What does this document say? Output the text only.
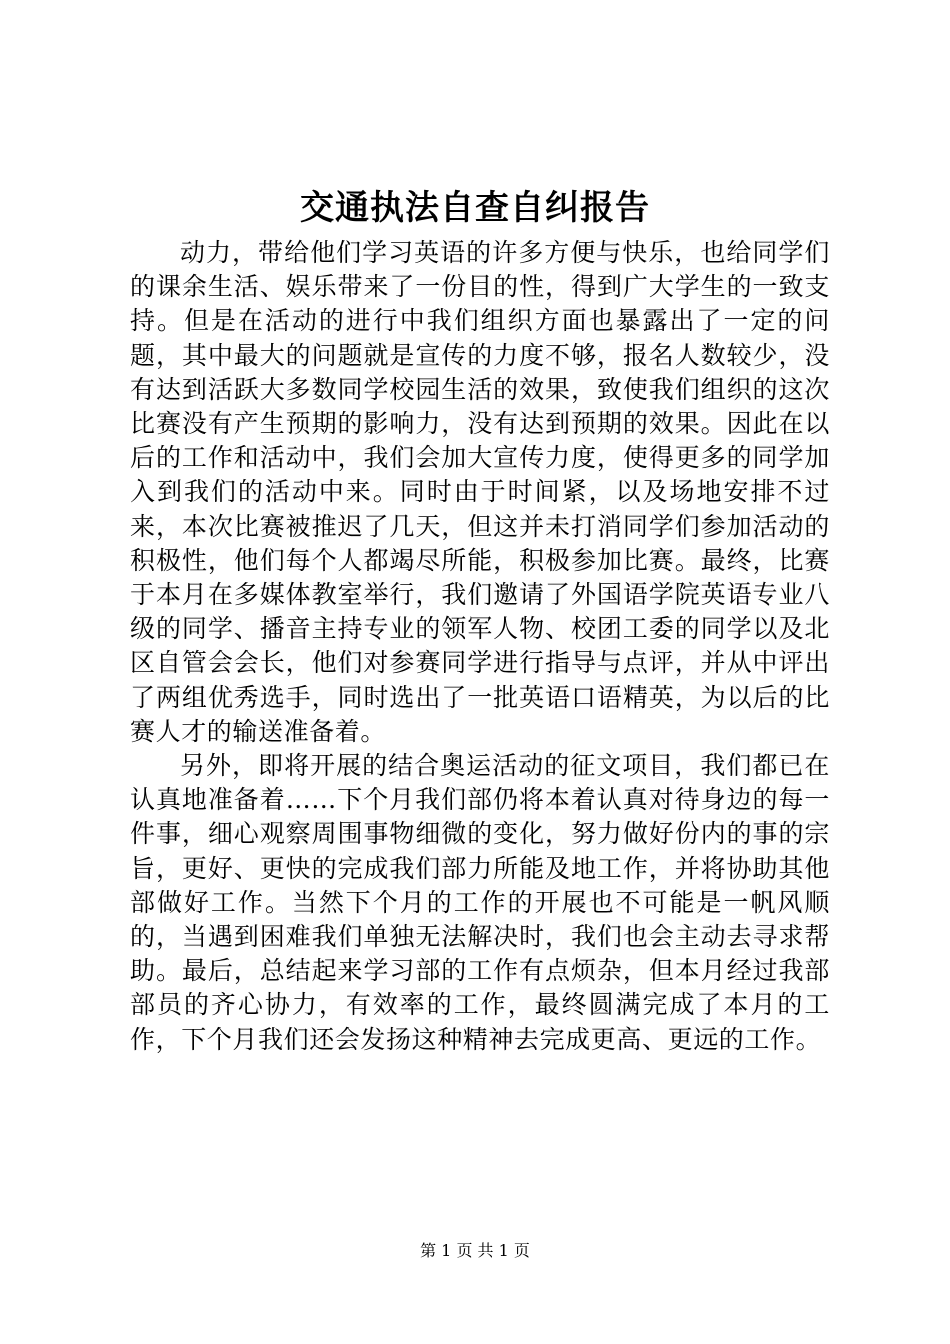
交通执法自查自纠报告

动力，带给他们学习英语的许多方便与快乐，也给同学们的课余生活、娱乐带来了一份目的性，得到广大学生的一致支持。但是在活动的进行中我们组织方面也暴露出了一定的问题，其中最大的问题就是宣传的力度不够，报名人数较少，没有达到活跃大多数同学校园生活的效果，致使我们组织的这次比赛没有产生预期的影响力，没有达到预期的效果。因此在以后的工作和活动中，我们会加大宣传力度，使得更多的同学加入到我们的活动中来。同时由于时间紧，以及场地安排不过来，本次比赛被推迟了几天，但这并未打消同学们参加活动的积极性，他们每个人都竭尽所能，积极参加比赛。最终，比赛于本月在多媒体教室举行，我们邀请了外国语学院英语专业八级的同学、播音主持专业的领军人物、校团工委的同学以及北区自管会会长，他们对参赛同学进行指导与点评，并从中评出了两组优秀选手，同时选出了一批英语口语精英，为以后的比赛人才的输送准备着。

另外，即将开展的结合奥运活动的征文项目，我们都已在认真地准备着……下个月我们部仍将本着认真对待身边的每一件事，细心观察周围事物细微的变化，努力做好份内的事的宗旨，更好、更快的完成我们部力所能及地工作，并将协助其他部做好工作。当然下个月的工作的开展也不可能是一帆风顺的，当遇到困难我们单独无法解决时，我们也会主动去寻求帮助。最后，总结起来学习部的工作有点烦杂，但本月经过我部部员的齐心协力，有效率的工作，最终圆满完成了本月的工作，下个月我们还会发扬这种精神去完成更高、更远的工作。

第 1 页 共 1 页
